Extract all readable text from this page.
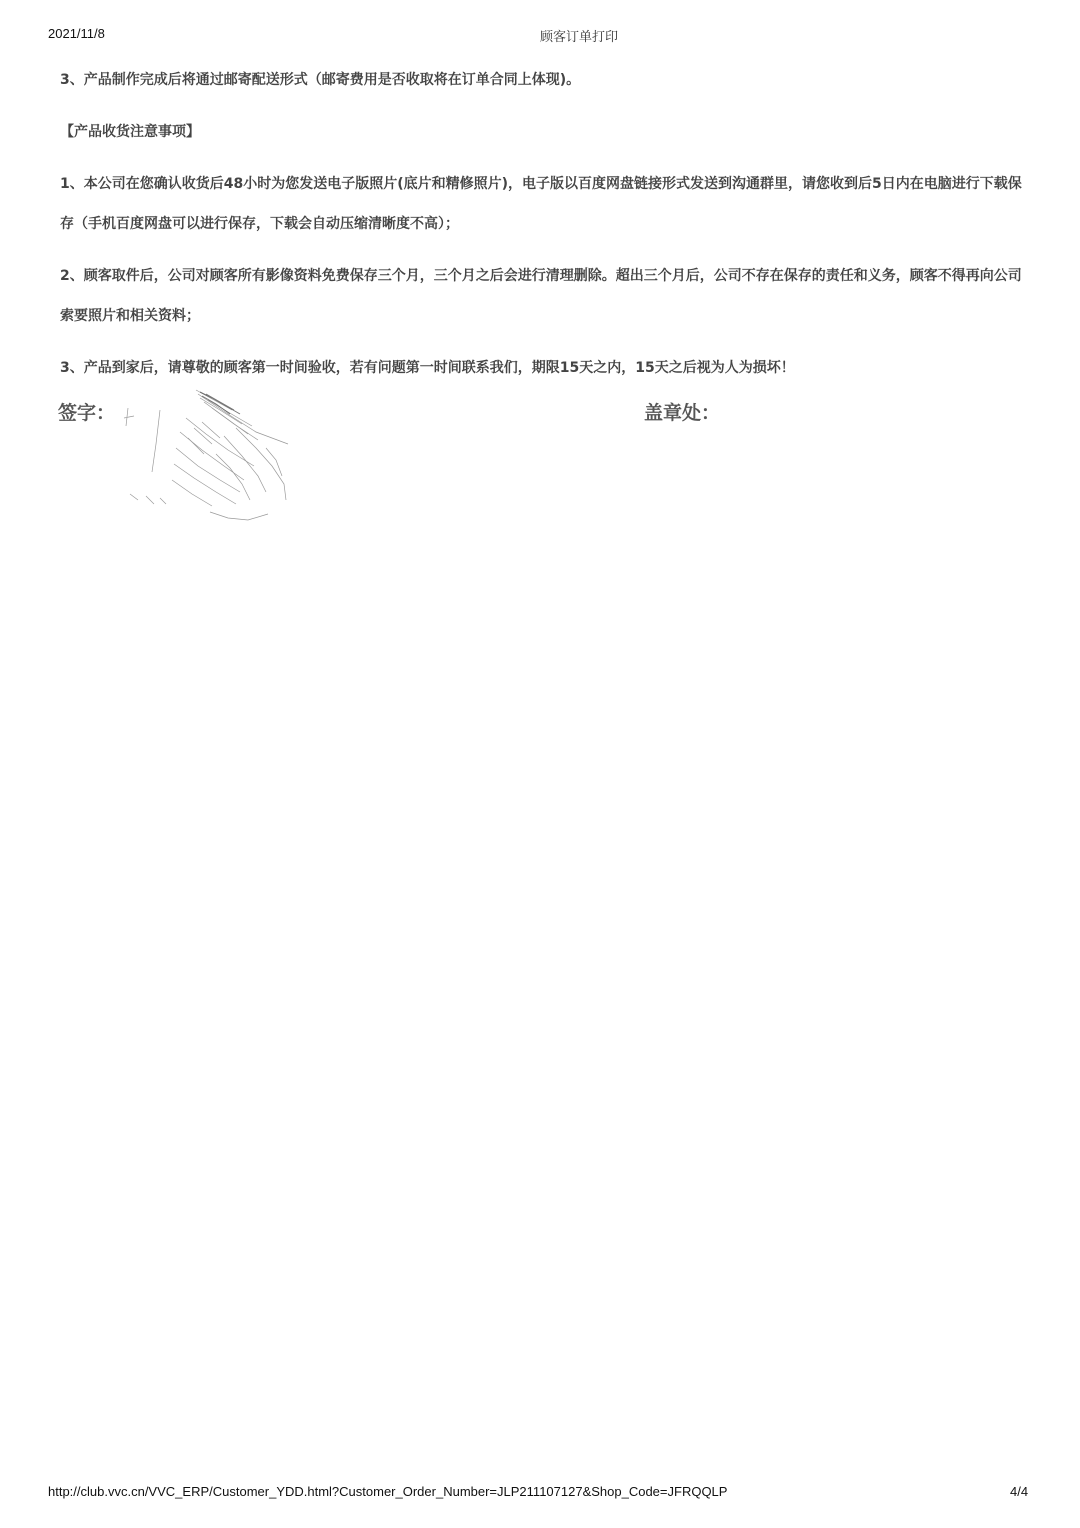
2021/11/8	顾客订单打印

3、产品制作完成后将通过邮寄配送形式（邮寄费用是否收取将在订单合同上体现)。

【产品收货注意事项】

1、本公司在您确认收货后48小时为您发送电子版照片(底片和精修照片)，电子版以百度网盘链接形式发送到沟通群里，请您收到后5日内在电脑进行下载保存（手机百度网盘可以进行保存，下载会自动压缩清晰度不高）；

2、顾客取件后，公司对顾客所有影像资料免费保存三个月，三个月之后会进行清理删除。超出三个月后，公司不存在保存的责任和义务，顾客不得再向公司索要照片和相关资料；

3、产品到家后，请尊敬的顾客第一时间验收，若有问题第一时间联系我们，期限15天之内，15天之后视为人为损坏！

签字：	盖章处：
http://club.vvc.cn/VVC_ERP/Customer_YDD.html?Customer_Order_Number=JLP211107127&Shop_Code=JFRQQLP	4/4
